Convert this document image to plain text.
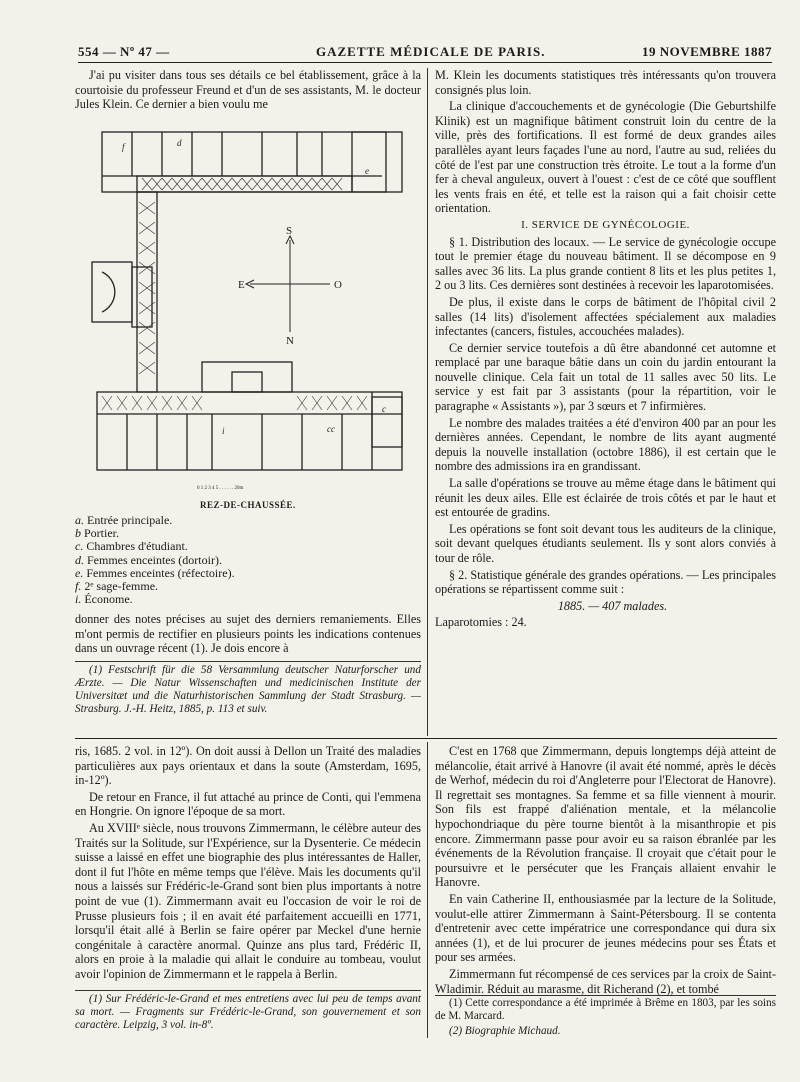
554 — Nº 47 —	GAZETTE MÉDICALE DE PARIS.	19 NOVEMBRE 1887

J'ai pu visiter dans tous ses détails ce bel établissement, grâce à la courtoisie du professeur Freund et d'un de ses assistants, M. le docteur Jules Klein. Ce dernier a bien voulu me

S
N
E	O
f	d
e
i
c
cc
0 1 2 3 4 5 . . . . . . 20m
REZ-DE-CHAUSSÉE.
a. Entrée principale.
b Portier.
c. Chambres d'étudiant.
d. Femmes enceintes (dortoir).
e. Femmes enceintes (réfectoire).
f. 2ᵉ sage-femme.
i. Économe.

donner des notes précises au sujet des derniers remaniements. Elles m'ont permis de rectifier en plusieurs points les indications contenues dans un ouvrage récent (1). Je dois encore à

(1) Festschrift für die 58 Versammlung deutscher Naturforscher und Ærzte. — Die Natur Wissenschaften und medicinischen Institute der Universitæt und die Naturhistorischen Sammlung der Stadt Strasburg. — Strasburg. J.-H. Heitz, 1885, p. 113 et suiv.

M. Klein les documents statistiques très intéressants qu'on trouvera consignés plus loin.

La clinique d'accouchements et de gynécologie (Die Geburtshilfe Klinik) est un magnifique bâtiment construit loin du centre de la ville, près des fortifications. Il est formé de deux grandes ailes parallèles ayant leurs façades l'une au nord, l'autre au sud, reliées du côté de l'est par une construction très étroite. Le tout a la forme d'un fer à cheval anguleux, ouvert à l'ouest : c'est de ce côté que soufflent les vents frais en été, et telle est la raison qui a fait choisir cette orientation.

I. SERVICE DE GYNÉCOLOGIE.

§ 1. Distribution des locaux. — Le service de gynécologie occupe tout le premier étage du nouveau bâtiment. Il se décompose en 9 salles avec 36 lits. La plus grande contient 8 lits et les plus petites 1, 2 ou 3 lits. Ces dernières sont destinées à recevoir les laparotomisées.

De plus, il existe dans le corps de bâtiment de l'hôpital civil 2 salles (14 lits) d'isolement affectées spécialement aux maladies infectantes (cancers, fistules, accouchées malades).

Ce dernier service toutefois a dû être abandonné cet automne et remplacé par une baraque bâtie dans un coin du jardin entourant la nouvelle clinique. Cela fait un total de 11 salles avec 50 lits. Le service y est fait par 3 assistants (pour la répartition, voir le paragraphe « Assistants »), par 3 sœurs et 7 infirmières.

Le nombre des malades traitées a été d'environ 400 par an pour les dernières années. Cependant, le nombre de lits ayant augmenté depuis la nouvelle installation (octobre 1886), il est certain que le nombre des admissions ira en grandissant.

La salle d'opérations se trouve au même étage dans le bâtiment qui réunit les deux ailes. Elle est éclairée de trois côtés et par le haut et est entourée de gradins.

Les opérations se font soit devant tous les auditeurs de la clinique, soit devant quelques étudiants seulement. Ils y sont alors conviés à tour de rôle.

§ 2. Statistique générale des grandes opérations. — Les principales opérations se répartissent comme suit :

1885. — 407 malades.

Laparotomies : 24.

ris, 1685. 2 vol. in 12º). On doit aussi à Dellon un Traité des maladies particulières aux pays orientaux et dans la soute (Amsterdam, 1695, in-12º).

De retour en France, il fut attaché au prince de Conti, qui l'emmena en Hongrie. On ignore l'époque de sa mort.

Au XVIIIᵉ siècle, nous trouvons Zimmermann, le célèbre auteur des Traités sur la Solitude, sur l'Expérience, sur la Dysenterie. Ce médecin suisse a laissé en effet une biographie des plus intéressantes de Haller, dont il fut l'hôte en même temps que l'élève. Mais les documents qu'il nous a laissés sur Frédéric-le-Grand sont bien plus importants à notre point de vue (1). Zimmermann avait eu l'occasion de voir le roi de Prusse plusieurs fois ; il en avait été parfaitement accueilli en 1771, lorsqu'il était allé à Berlin se faire opérer par Meckel d'une hernie congénitale à caractère anormal. Quinze ans plus tard, Frédéric II, alors en proie à la maladie qui allait le conduire au tombeau, voulut avoir l'opinion de Zimmermann et le rappela à Berlin.

(1) Sur Frédéric-le-Grand et mes entretiens avec lui peu de temps avant sa mort. — Fragments sur Frédéric-le-Grand, son gouvernement et son caractère. Leipzig, 3 vol. in-8º.

C'est en 1768 que Zimmermann, depuis longtemps déjà atteint de mélancolie, était arrivé à Hanovre (il avait été nommé, après le décès de Werhof, médecin du roi d'Angleterre pour l'Electorat de Hanovre). Il regrettait ses montagnes. Sa femme et sa fille viennent à mourir. Son fils est frappé d'aliénation mentale, et la mélancolie hypochondriaque du père tourne bientôt à la misanthropie et pis encore. Zimmermann passe pour avoir eu sa raison ébranlée par les événements de la Révolution française. Il croyait que c'était pour le poursuivre et le persécuter que les Français allaient envahir le Hanovre.

En vain Catherine II, enthousiasmée par la lecture de la Solitude, voulut-elle attirer Zimmermann à Saint-Pétersbourg. Il se contenta d'entretenir avec cette impératrice une correspondance qui dura six années (1), et de lui procurer de jeunes médecins pour ses États et pour ses armées.

Zimmermann fut récompensé de ces services par la croix de Saint-Wladimir. Réduit au marasme, dit Richerand (2), et tombé

(1) Cette correspondance a été imprimée à Brême en 1803, par les soins de M. Marcard.

(2) Biographie Michaud.
